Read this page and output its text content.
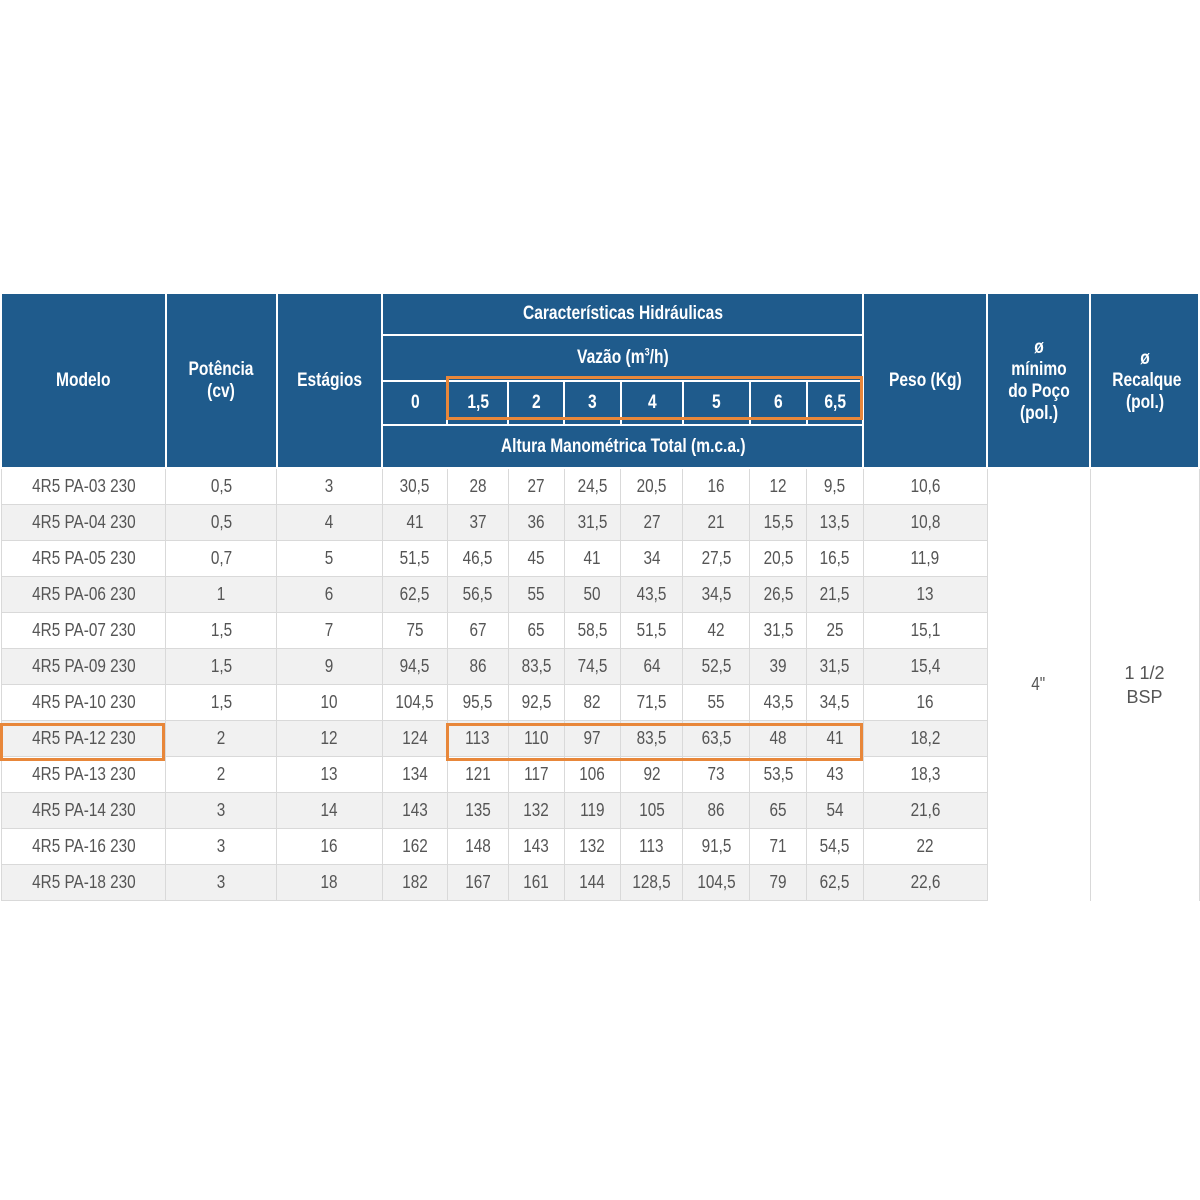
Modelo	Potência (cv)	Estágios	Características Hidráulicas								Peso (Kg)	ø mínimo do Poço (pol.)	ø Recalque (pol.)
			Vazão $(m^3/h)$										
			0	1,5	2	3	4	5	6	6,5			
			Altura Manométrica Total (m.c.a.)										
4R5 PA-03 230	0,5	3	30,5	28	27	24,5	20,5	16	12	9,5	10,6	4"	1 1/2 BSP
4R5 PA-04 230	0,5	4	41	37	36	31,5	27	21	15,5	13,5	10,8		
4R5 PA-05 230	0,7	5	51,5	46,5	45	41	34	27,5	20,5	16,5	11,9		
4R5 PA-06 230	1	6	62,5	56,5	55	50	43,5	34,5	26,5	21,5	13		
4R5 PA-07 230	1,5	7	75	67	65	58,5	51,5	42	31,5	25	15,1		
4R5 PA-09 230	1,5	9	94,5	86	83,5	74,5	64	52,5	39	31,5	15,4		
4R5 PA-10 230	1,5	10	104,5	95,5	92,5	82	71,5	55	43,5	34,5	16		
4R5 PA-12 230	2	12	124	113	110	97	83,5	63,5	48	41	18,2		
4R5 PA-13 230	2	13	134	121	117	106	92	73	53,5	43	18,3		
4R5 PA-14 230	3	14	143	135	132	119	105	86	65	54	21,6		
4R5 PA-16 230	3	16	162	148	143	132	113	91,5	71	54,5	22		
4R5 PA-18 230	3	18	182	167	161	144	128,5	104,5	79	62,5	22,6		
